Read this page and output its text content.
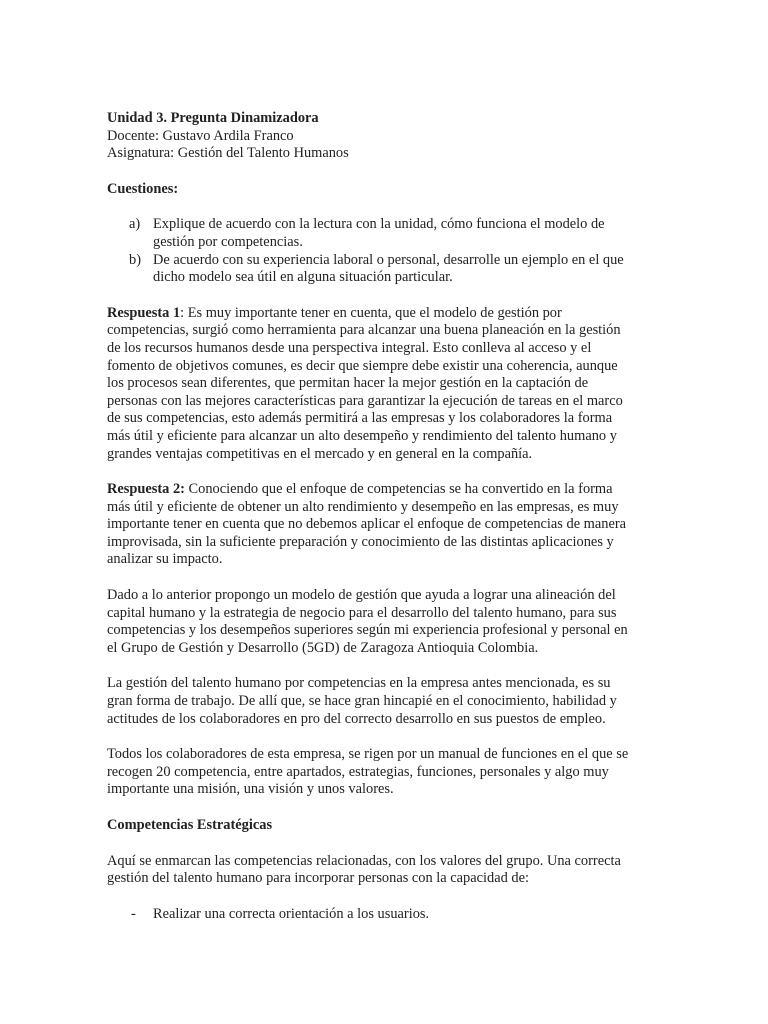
Unidad 3. Pregunta Dinamizadora
Docente: Gustavo Ardila Franco
Asignatura: Gestión del Talento Humanos
Cuestiones:
a) Explique de acuerdo con la lectura con la unidad, cómo funciona el modelo de
gestión por competencias.
b) De acuerdo con su experiencia laboral o personal, desarrolle un ejemplo en el que
dicho modelo sea útil en alguna situación particular.
Respuesta 1: Es muy importante tener en cuenta, que el modelo de gestión por
competencias, surgió como herramienta para alcanzar una buena planeación en la gestión
de los recursos humanos desde una perspectiva integral. Esto conlleva al acceso y el
fomento de objetivos comunes, es decir que siempre debe existir una coherencia, aunque
los procesos sean diferentes, que permitan hacer la mejor gestión en la captación de
personas con las mejores características para garantizar la ejecución de tareas en el marco
de sus competencias, esto además permitirá a las empresas y los colaboradores la forma
más útil y eficiente para alcanzar un alto desempeño y rendimiento del talento humano y
grandes ventajas competitivas en el mercado y en general en la compañía.
Respuesta 2: Conociendo que el enfoque de competencias se ha convertido en la forma
más útil y eficiente de obtener un alto rendimiento y desempeño en las empresas, es muy
importante tener en cuenta que no debemos aplicar el enfoque de competencias de manera
improvisada, sin la suficiente preparación y conocimiento de las distintas aplicaciones y
analizar su impacto.
Dado a lo anterior propongo un modelo de gestión que ayuda a lograr una alineación del
capital humano y la estrategia de negocio para el desarrollo del talento humano, para sus
competencias y los desempeños superiores según mi experiencia profesional y personal en
el Grupo de Gestión y Desarrollo (5GD) de Zaragoza Antioquia Colombia.
La gestión del talento humano por competencias en la empresa antes mencionada, es su
gran forma de trabajo. De allí que, se hace gran hincapié en el conocimiento, habilidad y
actitudes de los colaboradores en pro del correcto desarrollo en sus puestos de empleo.
Todos los colaboradores de esta empresa, se rigen por un manual de funciones en el que se
recogen 20 competencia, entre apartados, estrategias, funciones, personales y algo muy
importante una misión, una visión y unos valores.
Competencias Estratégicas
Aquí se enmarcan las competencias relacionadas, con los valores del grupo. Una correcta
gestión del talento humano para incorporar personas con la capacidad de:
- Realizar una correcta orientación a los usuarios.
